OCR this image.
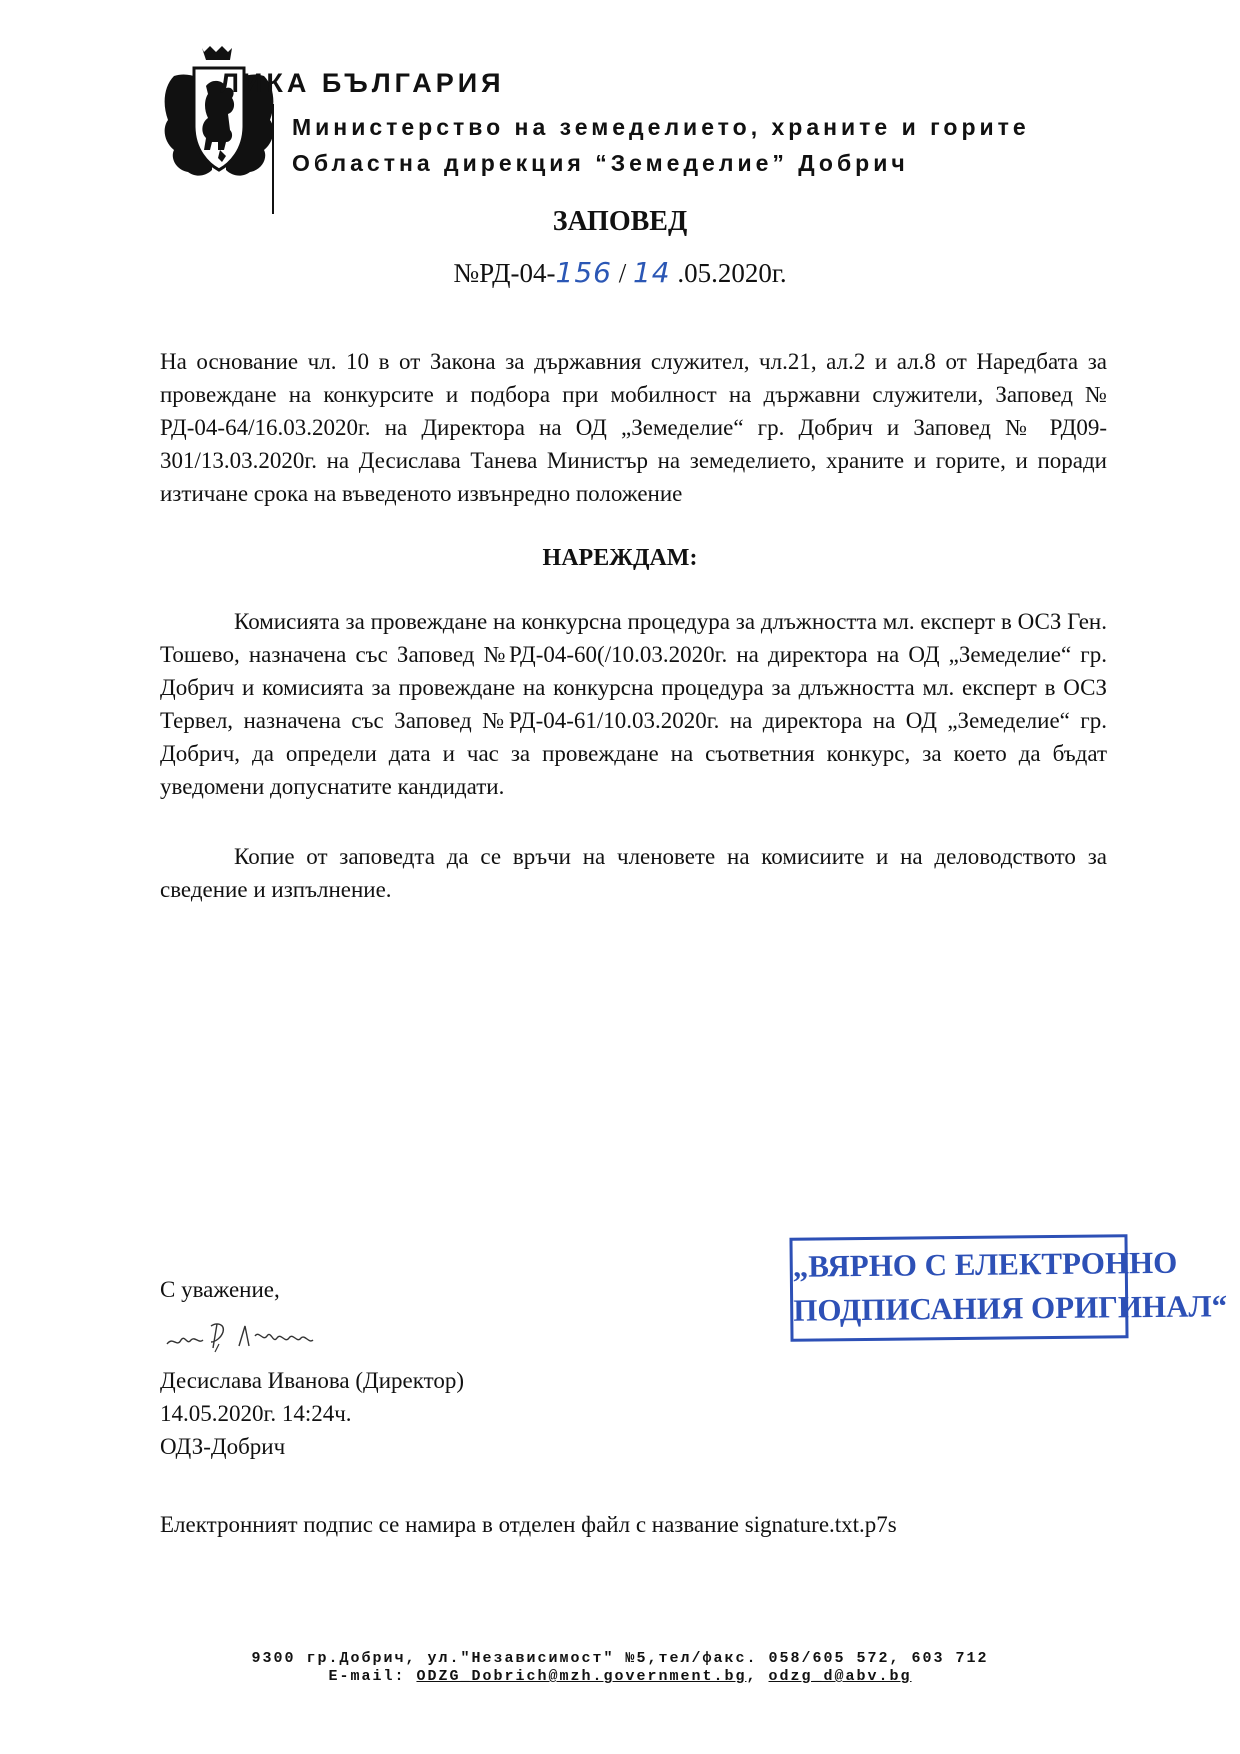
ЛИКА БЪЛГАРИЯ
Министерство на земеделието, храните и горите
Областна дирекция “Земеделие” Добрич
ЗАПОВЕД
№РД-04-156 / 14 .05.2020г.
На основание чл. 10 в от Закона за държавния служител, чл.21, ал.2 и ал.8 от Наредбата за провеждане на конкурсите и подбора при мобилност на държавни служители, Заповед № РД-04-64/16.03.2020г. на Директора на ОД „Земеделие“ гр. Добрич и Заповед № РД09-301/13.03.2020г. на Десислава Танева Министър на земеделието, храните и горите, и поради изтичане срока на въведеното извънредно положение
НАРЕЖДАМ:
Комисията за провеждане на конкурсна процедура за длъжността мл. експерт в ОСЗ Ген. Тошево, назначена със Заповед №РД-04-60(/10.03.2020г. на директора на ОД „Земеделие“ гр. Добрич и комисията за провеждане на конкурсна процедура за длъжността мл. експерт в ОСЗ Тервел, назначена със Заповед №РД-04-61/10.03.2020г. на директора на ОД „Земеделие“ гр. Добрич, да определи дата и час за провеждане на съответния конкурс, за което да бъдат уведомени допуснатите кандидати.
Копие от заповедта да се връчи на членовете на комисиите и на деловодството за сведение и изпълнение.
С уважение,
Десислава Иванова (Директор)
14.05.2020г. 14:24ч.
ОДЗ-Добрич
„ВЯРНО С ЕЛЕКТРОННО
ПОДПИСАНИЯ ОРИГИНАЛ“
Електронният подпис се намира в отделен файл с название signature.txt.p7s
9300 гр.Добрич, ул."Независимост" №5,тел/факс. 058/605 572, 603 712
E-mail: ODZG_Dobrich@mzh.government.bg, odzg_d@abv.bg
